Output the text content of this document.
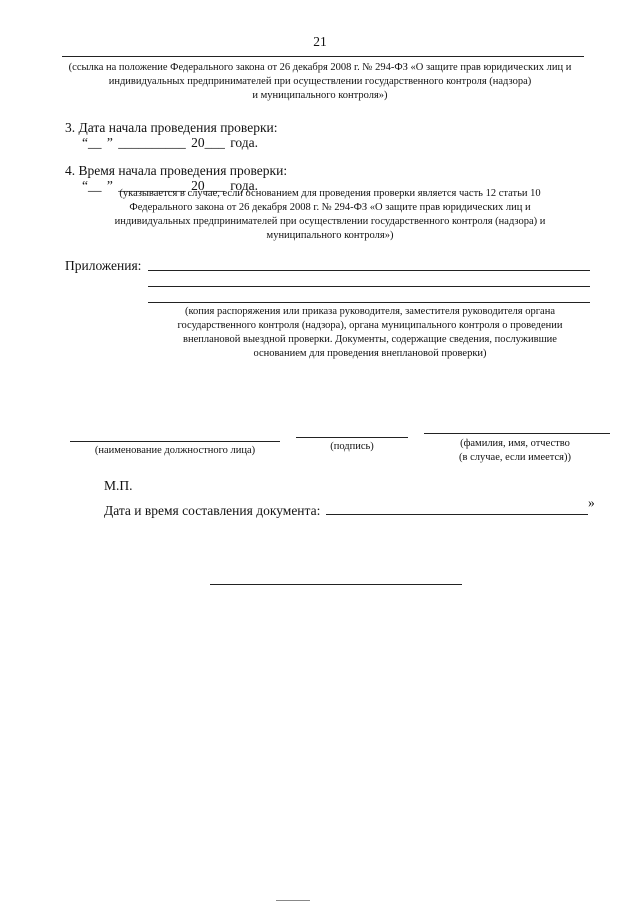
21
(ссылка на положение Федерального закона от 26 декабря 2008 г. № 294-ФЗ «О защите прав юридических лиц и
индивидуальных предпринимателей при осуществлении государственного контроля (надзора)
и муниципального контроля»)
3. Дата начала проведения проверки:
“__ ” __________ 20___ года.
4. Время начала проведения проверки:
“__ ” __________ 20___ года.
(указывается в случае, если основанием для проведения проверки является часть 12 статьи 10
Федерального закона от 26 декабря 2008 г. № 294-ФЗ «О защите прав юридических лиц и
индивидуальных предпринимателей при осуществлении государственного контроля (надзора) и
муниципального контроля»)
Приложения:
(копия распоряжения или приказа руководителя, заместителя руководителя органа
государственного контроля (надзора), органа муниципального контроля о проведении
внеплановой выездной проверки. Документы, содержащие сведения, послужившие
основанием для проведения внеплановой проверки)
(наименование должностного лица)	(подпись)	(фамилия, имя, отчество
(в случае, если имеется))
М.П.
Дата и время составления документа:
»
